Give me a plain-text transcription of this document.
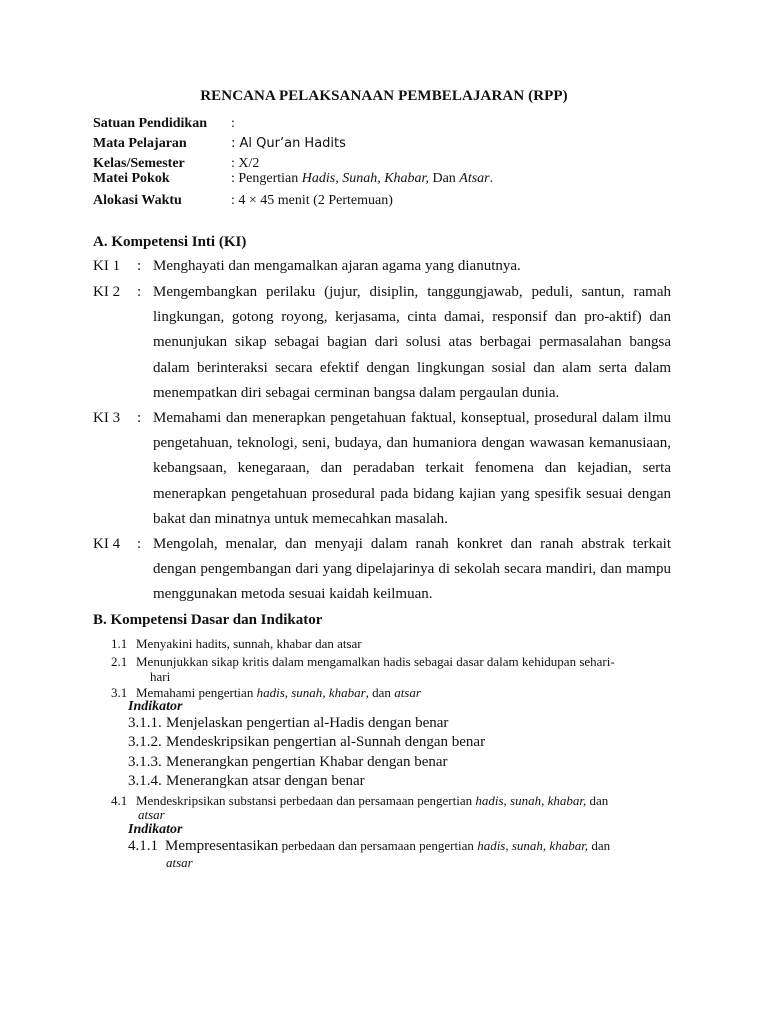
RENCANA PELAKSANAAN PEMBELAJARAN (RPP)
Satuan Pendidikan :
Mata Pelajaran	: Al Qur’an Hadits
Kelas/Semester	: X/2
Matei Pokok	: Pengertian Hadis, Sunah, Khabar, Dan Atsar.
Alokasi Waktu	: 4 × 45 menit (2 Pertemuan)
A. Kompetensi Inti (KI)
KI 1 : Menghayati dan mengamalkan ajaran agama yang dianutnya.
KI 2 : Mengembangkan perilaku (jujur, disiplin, tanggungjawab, peduli, santun, ramah lingkungan, gotong royong, kerjasama, cinta damai, responsif dan pro-aktif) dan menunjukan sikap sebagai bagian dari solusi atas berbagai permasalahan bangsa dalam berinteraksi secara efektif dengan lingkungan sosial dan alam serta dalam menempatkan diri sebagai cerminan bangsa dalam pergaulan dunia.
KI 3 : Memahami dan menerapkan pengetahuan faktual, konseptual, prosedural dalam ilmu pengetahuan, teknologi, seni, budaya, dan humaniora dengan wawasan kemanusiaan, kebangsaan, kenegaraan, dan peradaban terkait fenomena dan kejadian, serta menerapkan pengetahuan prosedural pada bidang kajian yang spesifik sesuai dengan bakat dan minatnya untuk memecahkan masalah.
KI 4 : Mengolah, menalar, dan menyaji dalam ranah konkret dan ranah abstrak terkait dengan pengembangan dari yang dipelajarinya di sekolah secara mandiri, dan mampu menggunakan metoda sesuai kaidah keilmuan.
B. Kompetensi Dasar dan Indikator
1.1 Menyakini hadits, sunnah, khabar dan atsar
2.1 Menunjukkan sikap kritis dalam mengamalkan hadis sebagai dasar dalam kehidupan sehari-
hari
3.1 Memahami pengertian hadis, sunah, khabar, dan atsar
Indikator
3.1.1. Menjelaskan pengertian al-Hadis dengan benar
3.1.2. Mendeskripsikan pengertian al-Sunnah dengan benar
3.1.3. Menerangkan pengertian Khabar dengan benar
3.1.4. Menerangkan atsar dengan benar
4.1 Mendeskripsikan substansi perbedaan dan persamaan pengertian hadis, sunah, khabar, dan
atsar
Indikator
4.1.1 Mempresentasikan perbedaan dan persamaan pengertian hadis, sunah, khabar, dan
atsar
